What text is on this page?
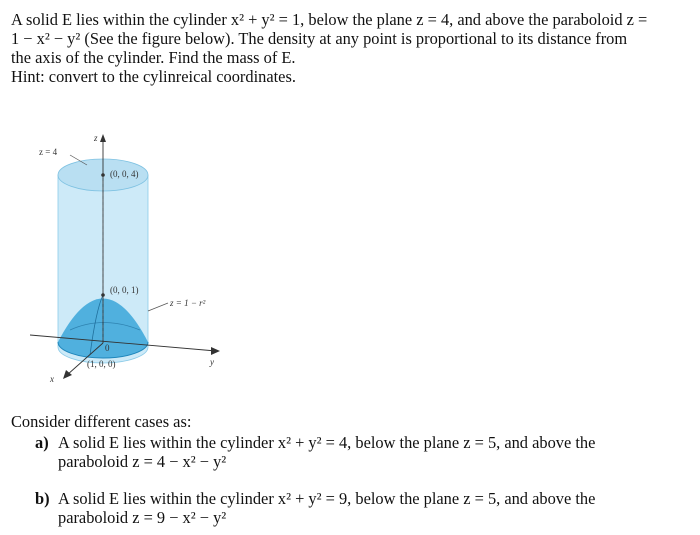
A solid E lies within the cylinder x² + y² = 1, below the plane z = 4, and above the paraboloid z =

1 − x² − y² (See the figure below). The density at any point is proportional to its distance from

the axis of the cylinder. Find the mass of E.

Hint: convert to the cylinreical coordinates.

z = 4
z
(0, 0, 4)
(0, 0, 1)
z = 1 − r²
0
(1, 0, 0)	y
x

Consider different cases as:

a) A solid E lies within the cylinder x² + y² = 4, below the plane z = 5, and above the

paraboloid z = 4 − x² − y²

b) A solid E lies within the cylinder x² + y² = 9, below the plane z = 5, and above the

paraboloid z = 9 − x² − y²
